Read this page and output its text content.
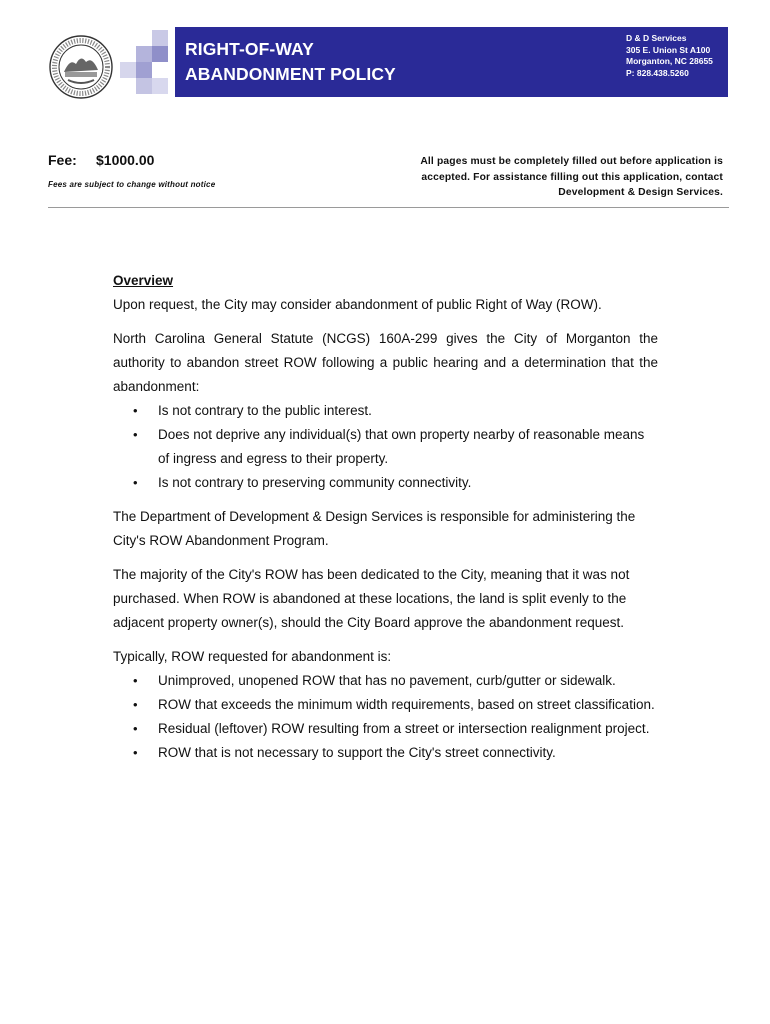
RIGHT-OF-WAY
ABANDONMENT POLICY
D & D Services
305 E. Union St A100
Morganton, NC 28655
P: 828.438.5260
Fee: $1000.00
Fees are subject to change without notice
All pages must be completely filled out before application is
accepted. For assistance filling out this application, contact
Development & Design Services.
Overview

Upon request, the City may consider abandonment of public Right of Way (ROW).

North Carolina General Statute (NCGS) 160A-299 gives the City of Morganton the authority to abandon street ROW following a public hearing and a determination that the abandonment:
• Is not contrary to the public interest.
• Does not deprive any individual(s) that own property nearby of reasonable means of ingress and egress to their property.
• Is not contrary to preserving community connectivity.

The Department of Development & Design Services is responsible for administering the City's ROW Abandonment Program.

The majority of the City's ROW has been dedicated to the City, meaning that it was not purchased. When ROW is abandoned at these locations, the land is split evenly to the adjacent property owner(s), should the City Board approve the abandonment request.

Typically, ROW requested for abandonment is:
• Unimproved, unopened ROW that has no pavement, curb/gutter or sidewalk.
• ROW that exceeds the minimum width requirements, based on street classification.
• Residual (leftover) ROW resulting from a street or intersection realignment project.
• ROW that is not necessary to support the City's street connectivity.
